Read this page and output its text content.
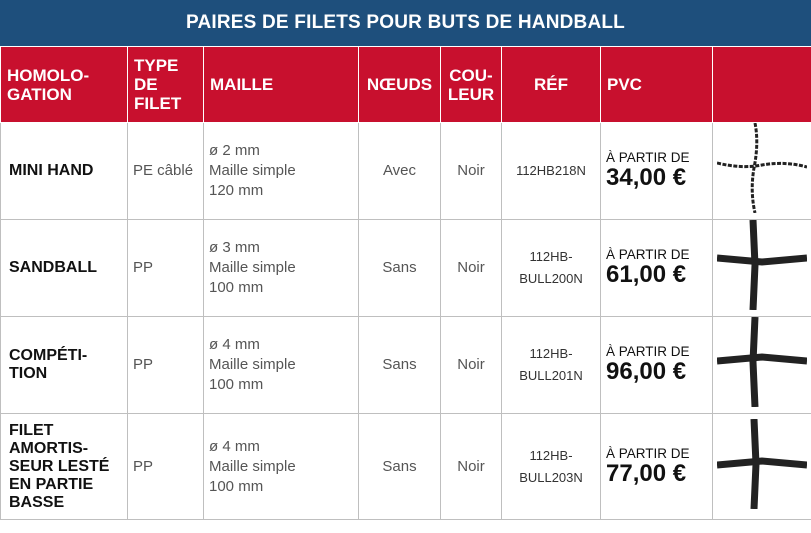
PAIRES DE FILETS POUR BUTS DE HANDBALL
HOMOLO-
GATION	TYPE
DE
FILET	MAILLE	NŒUDS	COU-
LEUR	RÉF	PVC	
MINI HAND	PE câblé	ø 2 mm
Maille simple
120 mm	Avec	Noir	112HB218N	À PARTIR DE
34,00 €

SANDBALL	PP	ø 3 mm
Maille simple
100 mm	Sans	Noir	112HB-
BULL200N	À PARTIR DE
61,00 €

COMPÉTI-
TION	PP	ø 4 mm
Maille simple
100 mm	Sans	Noir	112HB-
BULL201N	À PARTIR DE
96,00 €

FILET
AMORTIS-
SEUR LESTÉ
EN PARTIE
BASSE	PP	ø 4 mm
Maille simple
100 mm	Sans	Noir	112HB-
BULL203N	À PARTIR DE
77,00 €
